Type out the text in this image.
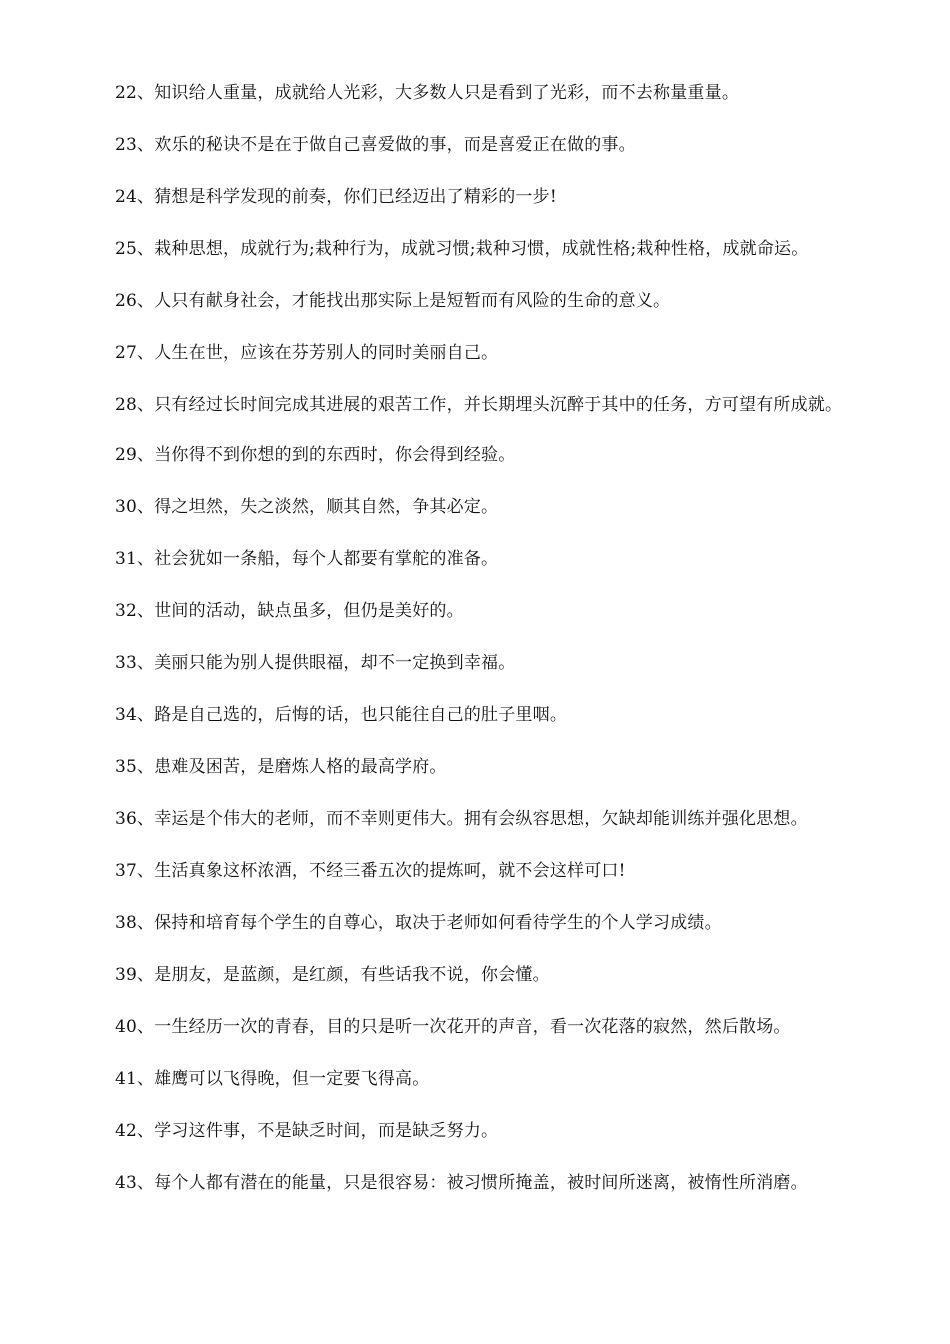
22、知识给人重量，成就给人光彩，大多数人只是看到了光彩，而不去称量重量。
23、欢乐的秘诀不是在于做自己喜爱做的事，而是喜爱正在做的事。
24、猜想是科学发现的前奏，你们已经迈出了精彩的一步!
25、栽种思想，成就行为;栽种行为，成就习惯;栽种习惯，成就性格;栽种性格，成就命运。
26、人只有献身社会，才能找出那实际上是短暂而有风险的生命的意义。
27、人生在世，应该在芬芳别人的同时美丽自己。
28、只有经过长时间完成其进展的艰苦工作，并长期埋头沉醉于其中的任务，方可望有所成就。
29、当你得不到你想的到的东西时，你会得到经验。
30、得之坦然，失之淡然，顺其自然，争其必定。
31、社会犹如一条船，每个人都要有掌舵的准备。
32、世间的活动，缺点虽多，但仍是美好的。
33、美丽只能为别人提供眼福，却不一定换到幸福。
34、路是自己选的，后悔的话，也只能往自己的肚子里咽。
35、患难及困苦，是磨炼人格的最高学府。
36、幸运是个伟大的老师，而不幸则更伟大。拥有会纵容思想，欠缺却能训练并强化思想。
37、生活真象这杯浓酒，不经三番五次的提炼呵，就不会这样可口!
38、保持和培育每个学生的自尊心，取决于老师如何看待学生的个人学习成绩。
39、是朋友，是蓝颜，是红颜，有些话我不说，你会懂。
40、一生经历一次的青春，目的只是听一次花开的声音，看一次花落的寂然，然后散场。
41、雄鹰可以飞得晚，但一定要飞得高。
42、学习这件事，不是缺乏时间，而是缺乏努力。
43、每个人都有潜在的能量，只是很容易：被习惯所掩盖，被时间所迷离，被惰性所消磨。
